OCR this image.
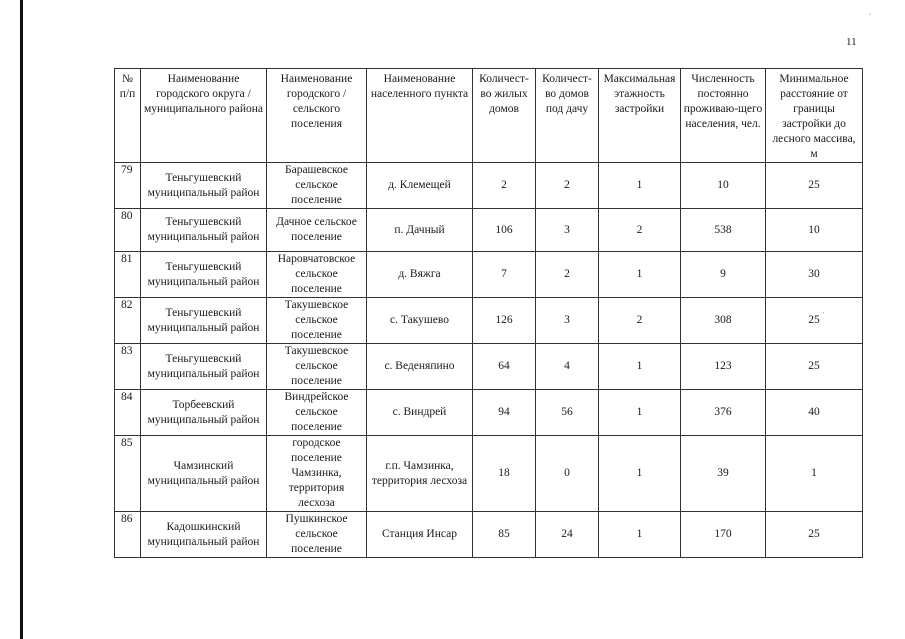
11
·
·
№ п/п	Наименование городского округа / муниципального района	Наименование городского / сельского поселения	Наименование населенного пункта	Количест-во жилых домов	Количест-во домов под дачу	Максимальная этажность застройки	Численность постоянно проживаю-щего населения, чел.	Минимальное расстояние от границы застройки до лесного массива, м
79	Теньгушевский муниципальный район	Барашевское сельское поселение	д. Клемещей	2	2	1	10	25
80	Теньгушевский муниципальный район	Дачное сельское поселение	п. Дачный	106	3	2	538	10
81	Теньгушевский муниципальный район	Наровчатовское сельское поселение	д. Вяжга	7	2	1	9	30
82	Теньгушевский муниципальный район	Такушевское сельское поселение	с. Такушево	126	3	2	308	25
83	Теньгушевский муниципальный район	Такушевское сельское поселение	с. Веденяпино	64	4	1	123	25
84	Торбеевский муниципальный район	Виндрейское сельское поселение	с. Виндрей	94	56	1	376	40
85	Чамзинский муниципальный район	городское поселение Чамзинка, территория лесхоза	г.п. Чамзинка, территория лесхоза	18	0	1	39	1
86	Кадошкинский муниципальный район	Пушкинское сельское поселение	Станция Инсар	85	24	1	170	25
